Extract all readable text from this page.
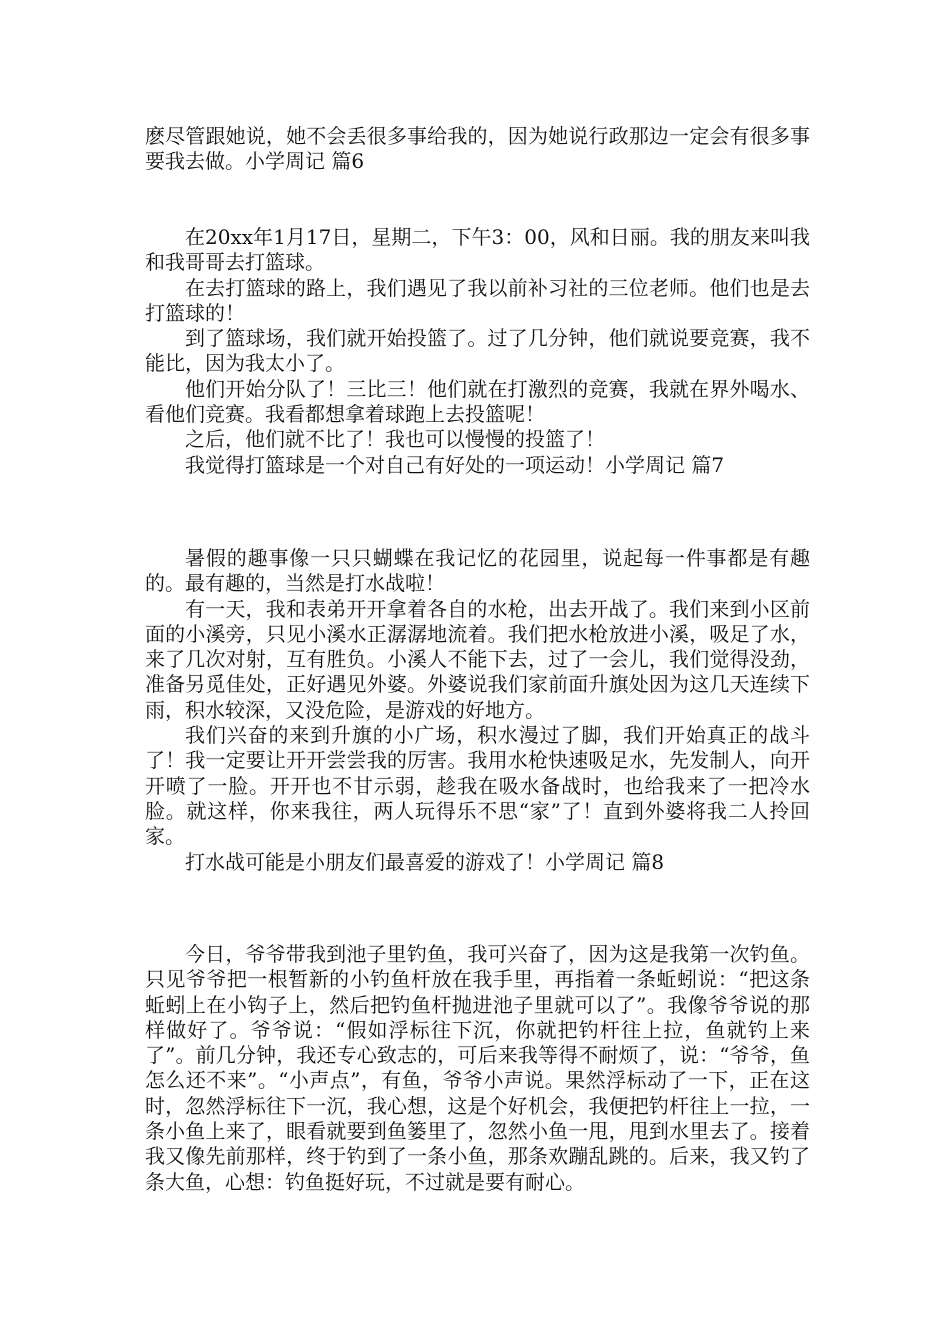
麽尽管跟她说，她不会丢很多事给我的，因为她说行政那边一定会有很多事要我去做。小学周记 篇6

在20xx年1月17日，星期二，下午3：00，风和日丽。我的朋友来叫我和我哥哥去打篮球。

在去打篮球的路上，我们遇见了我以前补习社的三位老师。他们也是去打篮球的！

到了篮球场，我们就开始投篮了。过了几分钟，他们就说要竞赛，我不能比，因为我太小了。

他们开始分队了！三比三！他们就在打激烈的竞赛，我就在界外喝水、看他们竞赛。我看都想拿着球跑上去投篮呢！

之后，他们就不比了！我也可以慢慢的投篮了！

我觉得打篮球是一个对自己有好处的一项运动！小学周记 篇7

暑假的趣事像一只只蝴蝶在我记忆的花园里，说起每一件事都是有趣的。最有趣的，当然是打水战啦！

有一天，我和表弟开开拿着各自的水枪，出去开战了。我们来到小区前面的小溪旁，只见小溪水正潺潺地流着。我们把水枪放进小溪，吸足了水，来了几次对射，互有胜负。小溪人不能下去，过了一会儿，我们觉得没劲，准备另觅佳处，正好遇见外婆。外婆说我们家前面升旗处因为这几天连续下雨，积水较深，又没危险，是游戏的好地方。

我们兴奋的来到升旗的小广场，积水漫过了脚，我们开始真正的战斗了！我一定要让开开尝尝我的厉害。我用水枪快速吸足水，先发制人，向开开喷了一脸。开开也不甘示弱，趁我在吸水备战时，也给我来了一把冷水脸。就这样，你来我往，两人玩得乐不思“家”了！直到外婆将我二人拎回家。

打水战可能是小朋友们最喜爱的游戏了！小学周记 篇8

今日，爷爷带我到池子里钓鱼，我可兴奋了，因为这是我第一次钓鱼。只见爷爷把一根暂新的小钓鱼杆放在我手里，再指着一条蚯蚓说：“把这条蚯蚓上在小钩子上，然后把钓鱼杆抛进池子里就可以了”。我像爷爷说的那样做好了。爷爷说：“假如浮标往下沉，你就把钓杆往上拉，鱼就钓上来了”。前几分钟，我还专心致志的，可后来我等得不耐烦了，说：“爷爷，鱼怎么还不来”。“小声点”，有鱼，爷爷小声说。果然浮标动了一下，正在这时，忽然浮标往下一沉，我心想，这是个好机会，我便把钓杆往上一拉，一条小鱼上来了，眼看就要到鱼篓里了，忽然小鱼一甩，甩到水里去了。接着我又像先前那样，终于钓到了一条小鱼，那条欢蹦乱跳的。后来，我又钓了条大鱼，心想：钓鱼挺好玩，不过就是要有耐心。
